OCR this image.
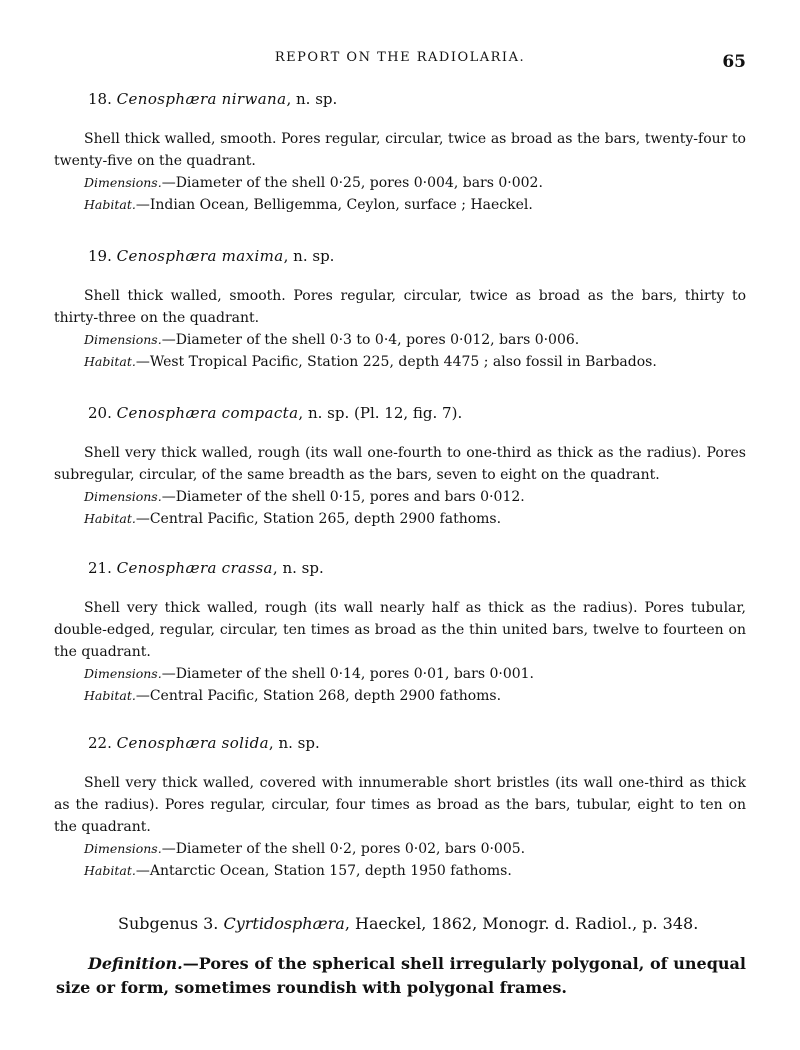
REPORT ON THE RADIOLARIA.	65
18. Cenosphæra nirwana, n. sp.
Shell thick walled, smooth. Pores regular, circular, twice as broad as the bars, twenty-four to twenty-five on the quadrant.
Dimensions.—Diameter of the shell 0·25, pores 0·004, bars 0·002.
Habitat.—Indian Ocean, Belligemma, Ceylon, surface ; Haeckel.
19. Cenosphæra maxima, n. sp.
Shell thick walled, smooth. Pores regular, circular, twice as broad as the bars, thirty to thirty-three on the quadrant.
Dimensions.—Diameter of the shell 0·3 to 0·4, pores 0·012, bars 0·006.
Habitat.—West Tropical Pacific, Station 225, depth 4475 ; also fossil in Barbados.
20. Cenosphæra compacta, n. sp. (Pl. 12, fig. 7).
Shell very thick walled, rough (its wall one-fourth to one-third as thick as the radius). Pores subregular, circular, of the same breadth as the bars, seven to eight on the quadrant.
Dimensions.—Diameter of the shell 0·15, pores and bars 0·012.
Habitat.—Central Pacific, Station 265, depth 2900 fathoms.
21. Cenosphæra crassa, n. sp.
Shell very thick walled, rough (its wall nearly half as thick as the radius). Pores tubular, double-edged, regular, circular, ten times as broad as the thin united bars, twelve to fourteen on the quadrant.
Dimensions.—Diameter of the shell 0·14, pores 0·01, bars 0·001.
Habitat.—Central Pacific, Station 268, depth 2900 fathoms.
22. Cenosphæra solida, n. sp.
Shell very thick walled, covered with innumerable short bristles (its wall one-third as thick as the radius). Pores regular, circular, four times as broad as the bars, tubular, eight to ten on the quadrant.
Dimensions.—Diameter of the shell 0·2, pores 0·02, bars 0·005.
Habitat.—Antarctic Ocean, Station 157, depth 1950 fathoms.
Subgenus 3. Cyrtidosphæra, Haeckel, 1862, Monogr. d. Radiol., p. 348.
Definition.—Pores of the spherical shell irregularly polygonal, of unequal size or form, sometimes roundish with polygonal frames.
